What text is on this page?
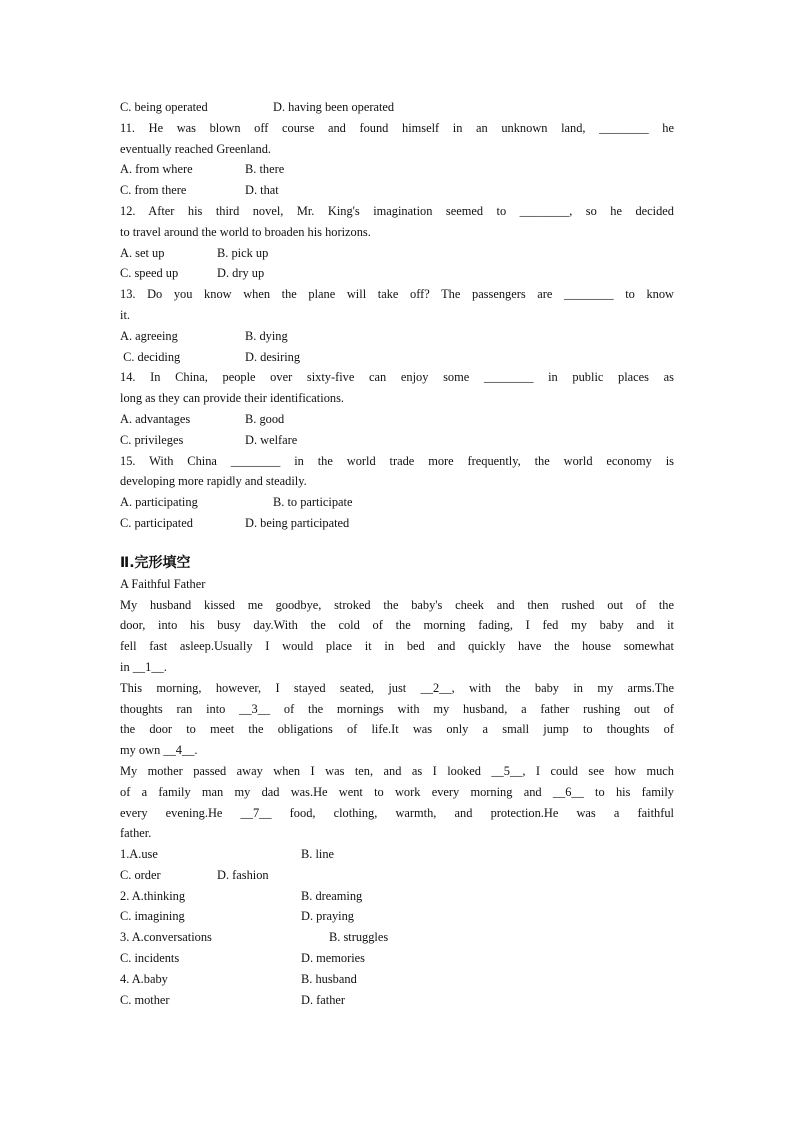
C. being operated	D. having been operated
11. He was blown off course and found himself in an unknown land, ________ he
eventually reached Greenland.
A. from where	B. there
C. from there	D. that
12. After his third novel, Mr. King's imagination seemed to ________, so he decided
to travel around the world to broaden his horizons.
A. set up	B. pick up
C. speed up	D. dry up
13. Do you know when the plane will take off? The passengers are ________ to know
it.
A. agreeing	B. dying
C. deciding	D. desiring
14. In China, people over sixty-five can enjoy some ________ in public places as
long as they can provide their identifications.
A. advantages	B. good
C. privileges	D. welfare
15. With China ________ in the world trade more frequently, the world economy is
developing more rapidly and steadily.
A. participating	B. to participate
C. participated	D. being participated
Ⅱ.完形填空
A Faithful Father
My husband kissed me goodbye, stroked the baby's cheek and then rushed out of the
door, into his busy day.With the cold of the morning fading, I fed my baby and it
fell fast asleep.Usually I would place it in bed and quickly have the house somewhat
in __1__.
This morning, however, I stayed seated, just __2__, with the baby in my arms.The
thoughts ran into __3__ of the mornings with my husband, a father rushing out of
the door to meet the obligations of life.It was only a small jump to thoughts of
my own __4__.
My mother passed away when I was ten, and as I looked __5__, I could see how much
of a family man my dad was.He went to work every morning and __6__ to his family
every evening.He __7__ food, clothing, warmth, and protection.He was a faithful
father.
1.A.use	B. line
C. order	D. fashion
2. A.thinking	B. dreaming
C. imagining	D. praying
3. A.conversations	B. struggles
C. incidents	D. memories
4. A.baby	B. husband
C. mother	D. father
